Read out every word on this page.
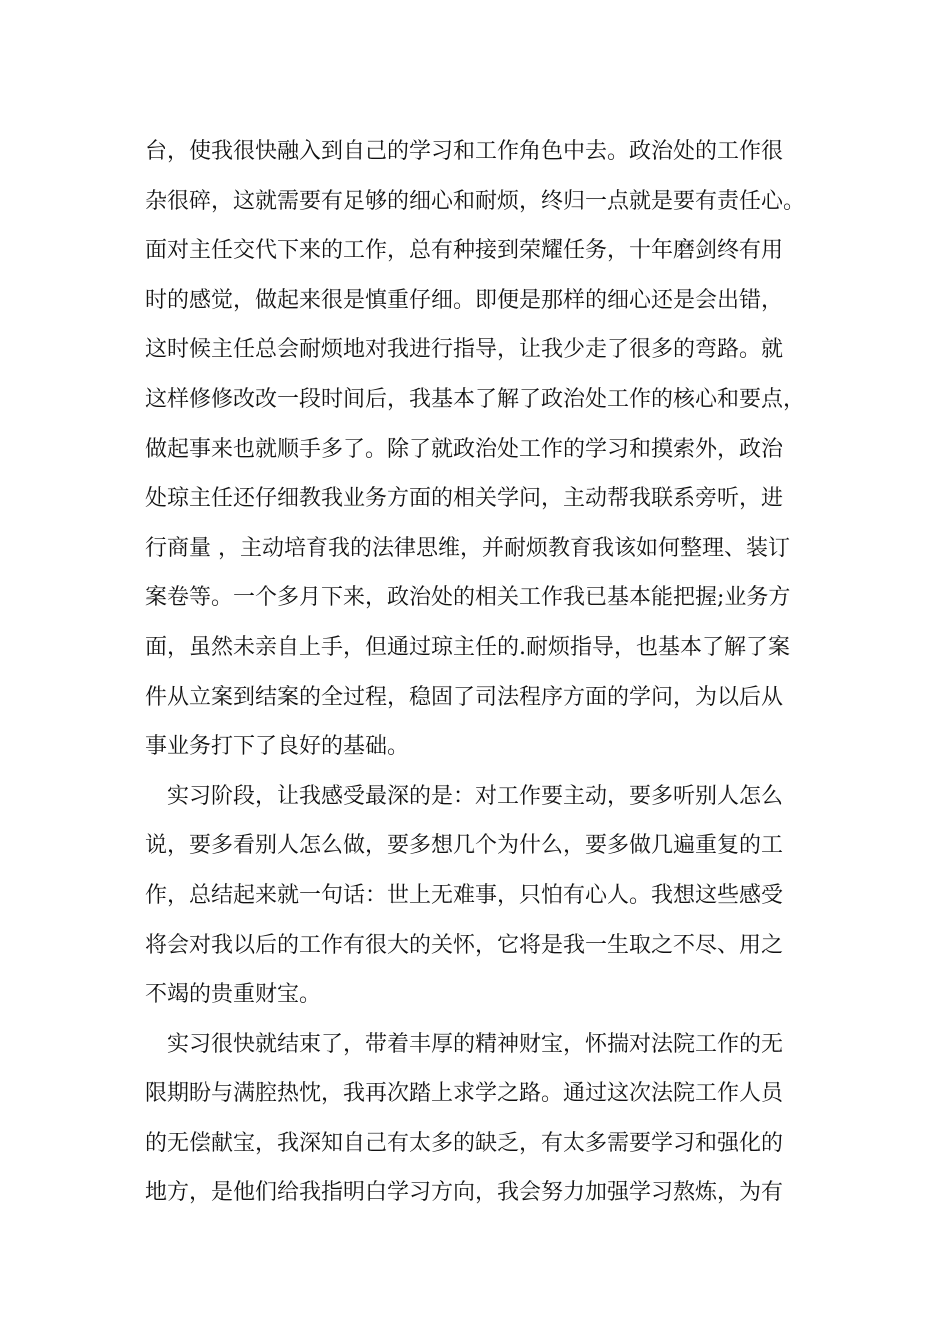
台，使我很快融入到自己的学习和工作角色中去。政治处的工作很
杂很碎，这就需要有足够的细心和耐烦，终归一点就是要有责任心。
面对主任交代下来的工作，总有种接到荣耀任务，十年磨剑终有用
时的感觉，做起来很是慎重仔细。即便是那样的细心还是会出错，
这时候主任总会耐烦地对我进行指导，让我少走了很多的弯路。就
这样修修改改一段时间后，我基本了解了政治处工作的核心和要点，
做起事来也就顺手多了。除了就政治处工作的学习和摸索外，政治
处琼主任还仔细教我业务方面的相关学问，主动帮我联系旁听，进
行商量 ，主动培育我的法律思维，并耐烦教育我该如何整理、装订
案卷等。一个多月下来，政治处的相关工作我已基本能把握;业务方
面，虽然未亲自上手，但通过琼主任的.耐烦指导，也基本了解了案
件从立案到结案的全过程，稳固了司法程序方面的学问，为以后从
事业务打下了良好的基础。
实习阶段，让我感受最深的是：对工作要主动，要多听别人怎么
说，要多看别人怎么做，要多想几个为什么，要多做几遍重复的工
作，总结起来就一句话：世上无难事，只怕有心人。我想这些感受
将会对我以后的工作有很大的关怀，它将是我一生取之不尽、用之
不竭的贵重财宝。
实习很快就结束了，带着丰厚的精神财宝，怀揣对法院工作的无
限期盼与满腔热忱，我再次踏上求学之路。通过这次法院工作人员
的无偿献宝，我深知自己有太多的缺乏，有太多需要学习和强化的
地方，是他们给我指明白学习方向，我会努力加强学习熬炼，为有
